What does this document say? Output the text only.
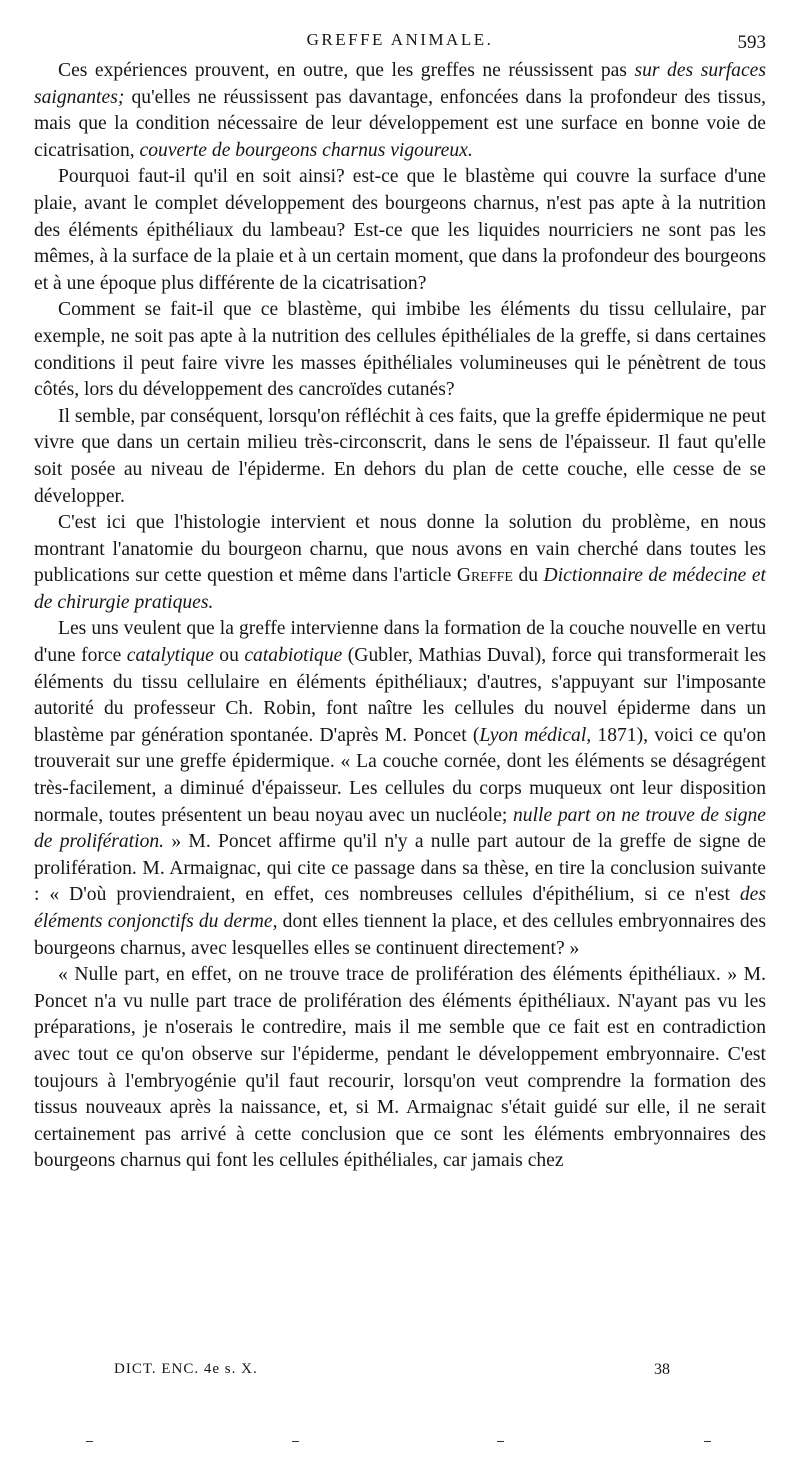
GREFFE ANIMALE.	593

Ces expériences prouvent, en outre, que les greffes ne réussissent pas sur des surfaces saignantes; qu'elles ne réussissent pas davantage, enfoncées dans la profondeur des tissus, mais que la condition nécessaire de leur développement est une surface en bonne voie de cicatrisation, couverte de bourgeons charnus vigoureux.

Pourquoi faut-il qu'il en soit ainsi? est-ce que le blastème qui couvre la surface d'une plaie, avant le complet développement des bourgeons charnus, n'est pas apte à la nutrition des éléments épithéliaux du lambeau? Est-ce que les liquides nourriciers ne sont pas les mêmes, à la surface de la plaie et à un certain moment, que dans la profondeur des bourgeons et à une époque plus différente de la cicatrisation?

Comment se fait-il que ce blastème, qui imbibe les éléments du tissu cellulaire, par exemple, ne soit pas apte à la nutrition des cellules épithéliales de la greffe, si dans certaines conditions il peut faire vivre les masses épithéliales volumineuses qui le pénètrent de tous côtés, lors du développement des cancroïdes cutanés?

Il semble, par conséquent, lorsqu'on réfléchit à ces faits, que la greffe épidermique ne peut vivre que dans un certain milieu très-circonscrit, dans le sens de l'épaisseur. Il faut qu'elle soit posée au niveau de l'épiderme. En dehors du plan de cette couche, elle cesse de se développer.

C'est ici que l'histologie intervient et nous donne la solution du problème, en nous montrant l'anatomie du bourgeon charnu, que nous avons en vain cherché dans toutes les publications sur cette question et même dans l'article Greffe du Dictionnaire de médecine et de chirurgie pratiques.

Les uns veulent que la greffe intervienne dans la formation de la couche nouvelle en vertu d'une force catalytique ou catabiotique (Gubler, Mathias Duval), force qui transformerait les éléments du tissu cellulaire en éléments épithéliaux; d'autres, s'appuyant sur l'imposante autorité du professeur Ch. Robin, font naître les cellules du nouvel épiderme dans un blastème par génération spontanée. D'après M. Poncet (Lyon médical, 1871), voici ce qu'on trouverait sur une greffe épidermique. « La couche cornée, dont les éléments se désagrégent très-facilement, a diminué d'épaisseur. Les cellules du corps muqueux ont leur disposition normale, toutes présentent un beau noyau avec un nucléole; nulle part on ne trouve de signe de prolifération. » M. Poncet affirme qu'il n'y a nulle part autour de la greffe de signe de prolifération. M. Armaignac, qui cite ce passage dans sa thèse, en tire la conclusion suivante : « D'où proviendraient, en effet, ces nombreuses cellules d'épithélium, si ce n'est des éléments conjonctifs du derme, dont elles tiennent la place, et des cellules embryonnaires des bourgeons charnus, avec lesquelles elles se continuent directement? »

« Nulle part, en effet, on ne trouve trace de prolifération des éléments épithéliaux. » M. Poncet n'a vu nulle part trace de prolifération des éléments épithéliaux. N'ayant pas vu les préparations, je n'oserais le contredire, mais il me semble que ce fait est en contradiction avec tout ce qu'on observe sur l'épiderme, pendant le développement embryonnaire. C'est toujours à l'embryogénie qu'il faut recourir, lorsqu'on veut comprendre la formation des tissus nouveaux après la naissance, et, si M. Armaignac s'était guidé sur elle, il ne serait certainement pas arrivé à cette conclusion que ce sont les éléments embryonnaires des bourgeons charnus qui font les cellules épithéliales, car jamais chez

DICT. ENC. 4e s. X.	38
